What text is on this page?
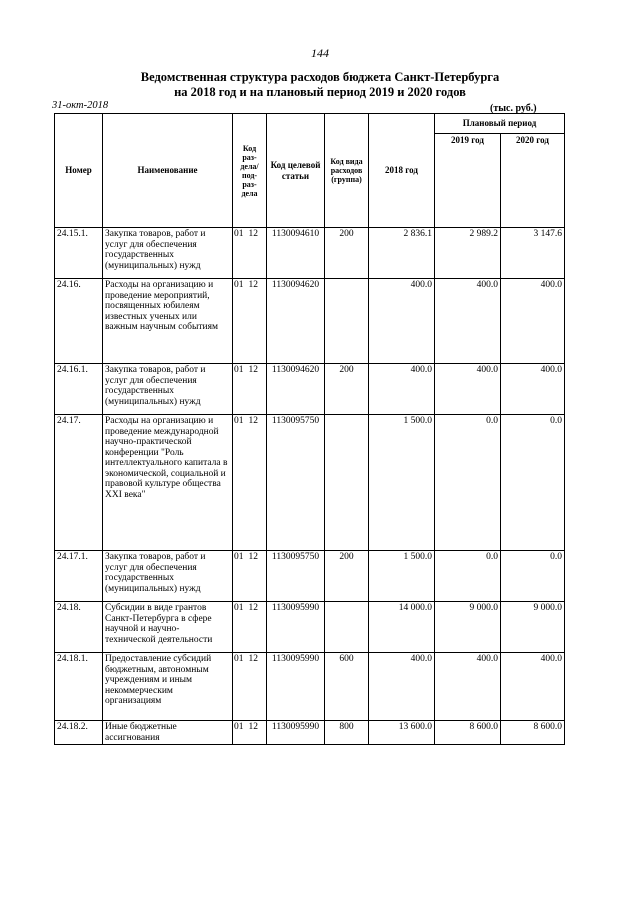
144
Ведомственная структура расходов бюджета Санкт-Петербурга
на 2018 год и на плановый период 2019 и 2020 годов
31-окт-2018	(тыс. руб.)
Номер	Наименование	Код раз-дела/ под-раз-дела	Код целевой статьи	Код вида расходов (группа)	2018 год	Плановый период	
						2019 год	2020 год
24.15.1.	Закупка товаров, работ и услуг для обеспечения государственных (муниципальных) нужд	01 12	1130094610	200	2 836.1	2 989.2	3 147.6
24.16.	Расходы на организацию и проведение мероприятий, посвященных юбилеям известных ученых или важным научным событиям	01 12	1130094620		400.0	400.0	400.0
24.16.1.	Закупка товаров, работ и услуг для обеспечения государственных (муниципальных) нужд	01 12	1130094620	200	400.0	400.0	400.0
24.17.	Расходы на организацию и проведение международной научно-практической конференции "Роль интеллектуального капитала в экономической, социальной и правовой культуре общества XXI века"	01 12	1130095750		1 500.0	0.0	0.0
24.17.1.	Закупка товаров, работ и услуг для обеспечения государственных (муниципальных) нужд	01 12	1130095750	200	1 500.0	0.0	0.0
24.18.	Субсидии в виде грантов Санкт-Петербурга в сфере научной и научно-технической деятельности	01 12	1130095990		14 000.0	9 000.0	9 000.0
24.18.1.	Предоставление субсидий бюджетным, автономным учреждениям и иным некоммерческим организациям	01 12	1130095990	600	400.0	400.0	400.0
24.18.2.	Иные бюджетные ассигнования	01 12	1130095990	800	13 600.0	8 600.0	8 600.0
